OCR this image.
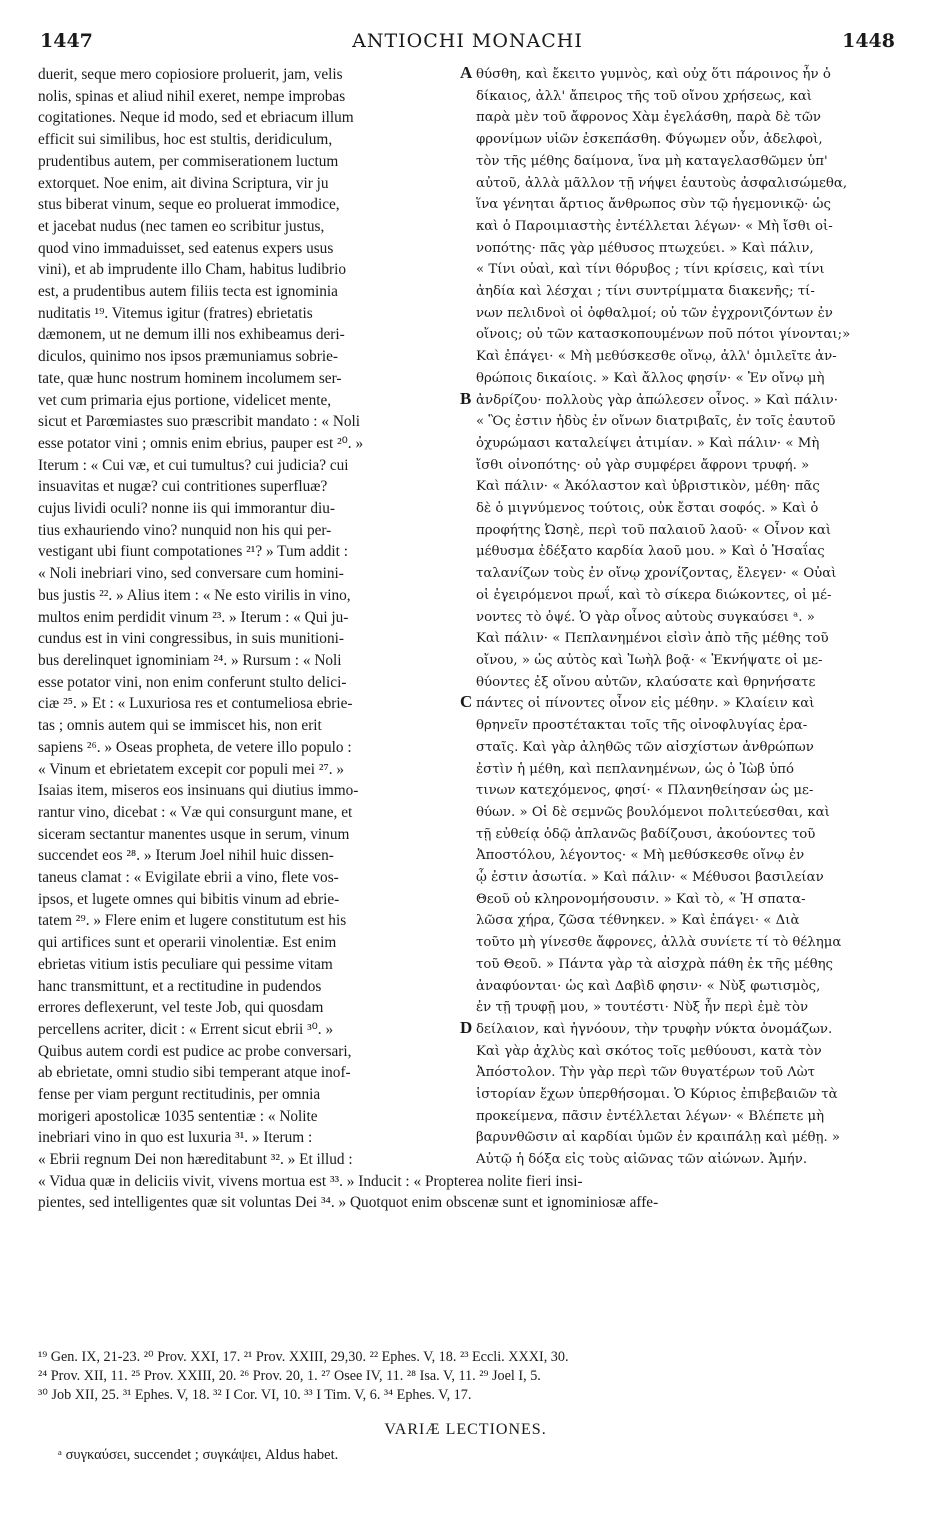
1447	ANTIOCHI MONACHI	1448
duerit, seque mero copiosiore proluerit, jam, velis
nolis, spinas et aliud nihil exeret, nempe improbas
cogitationes. Neque id modo, sed et ebriacum illum
efficit sui similibus, hoc est stultis, deridiculum,
prudentibus autem, per commiserationem luctum
extorquet. Noe enim, ait divina Scriptura, vir ju
stus biberat vinum, seque eo proluerat immodice,
et jacebat nudus (nec tamen eo scribitur justus,
quod vino immaduisset, sed eatenus expers usus
vini), et ab imprudente illo Cham, habitus ludibrio
est, a prudentibus autem filiis tecta est ignominia
nuditatis ¹⁹. Vitemus igitur (fratres) ebrietatis
dæmonem, ut ne demum illi nos exhibeamus deri-
diculos, quinimo nos ipsos præmuniamus sobrie-
tate, quæ hunc nostrum hominem incolumem ser-
vet cum primaria ejus portione, videlicet mente,
sicut et Parœmiastes suo præscribit mandato : « Noli
esse potator vini ; omnis enim ebrius, pauper est ²⁰. »
Iterum : « Cui væ, et cui tumultus? cui judicia? cui
insuavitas et nugæ? cui contritiones superfluæ?
cujus lividi oculi? nonne iis qui immorantur diu-
tius exhauriendo vino? nunquid non his qui per-
vestigant ubi fiunt compotationes ²¹? » Tum addit :
« Noli inebriari vino, sed conversare cum homini-
bus justis ²². » Alius item : « Ne esto virilis in vino,
multos enim perdidit vinum ²³. » Iterum : « Qui ju-
cundus est in vini congressibus, in suis munitioni-
bus derelinquet ignominiam ²⁴. » Rursum : « Noli
esse potator vini, non enim conferunt stulto delici-
ciæ ²⁵. » Et : « Luxuriosa res et contumeliosa ebrie-
tas ; omnis autem qui se immiscet his, non erit
sapiens ²⁶. » Oseas propheta, de vetere illo populo :
« Vinum et ebrietatem excepit cor populi mei ²⁷. »
Isaias item, miseros eos insinuans qui diutius immo-
rantur vino, dicebat : « Væ qui consurgunt mane, et
siceram sectantur manentes usque in serum, vinum
succendet eos ²⁸. » Iterum Joel nihil huic dissen-
taneus clamat : « Evigilate ebrii a vino, flete vos-
ipsos, et lugete omnes qui bibitis vinum ad ebrie-
tatem ²⁹. » Flere enim et lugere constitutum est his
qui artifices sunt et operarii vinolentiæ. Est enim
ebrietas vitium istis peculiare qui pessime vitam
hanc transmittunt, et a rectitudine in pudendos
errores deflexerunt, vel teste Job, qui quosdam
percellens acriter, dicit : « Errent sicut ebrii ³⁰. »
Quibus autem cordi est pudice ac probe conversari,
ab ebrietate, omni studio sibi temperant atque inof-
fense per viam pergunt rectitudinis, per omnia
morigeri apostolicæ 1035 sententiæ : « Nolite
inebriari vino in quo est luxuria ³¹. » Iterum :
« Ebrii regnum Dei non hæreditabunt ³². » Et illud :
θύσθη, καὶ ἔκειτο γυμνὸς, καὶ οὐχ ὅτι πάροινος ἦν ὁ
δίκαιος, ἀλλ' ἄπειρος τῆς τοῦ οἴνου χρήσεως, καὶ
παρὰ μὲν τοῦ ἄφρονος Χὰμ ἐγελάσθη, παρὰ δὲ τῶν
φρονίμων υἱῶν ἐσκεπάσθη. Φύγωμεν οὖν, ἀδελφοὶ,
τὸν τῆς μέθης δαίμονα, ἵνα μὴ καταγελασθῶμεν ὑπ'
αὐτοῦ, ἀλλὰ μᾶλλον τῇ νήψει ἑαυτοὺς ἀσφαλισώμεθα,
ἵνα γένηται ἄρτιος ἄνθρωπος σὺν τῷ ἡγεμονικῷ· ὡς
καὶ ὁ Παροιμιαστὴς ἐντέλλεται λέγων· « Μὴ ἴσθι οἰ-
νοπότης· πᾶς γὰρ μέθυσος πτωχεύει. » Καὶ πάλιν,
« Τίνι οὐαὶ, καὶ τίνι θόρυβος ; τίνι κρίσεις, καὶ τίνι
ἀηδία καὶ λέσχαι ; τίνι συντρίμματα διακενῆς; τί-
νων πελιδνοὶ οἱ ὀφθαλμοί; οὐ τῶν ἐγχρονιζόντων ἐν
οἴνοις; οὐ τῶν κατασκοπουμένων ποῦ πότοι γίνονται;»
Καὶ ἐπάγει· « Μὴ μεθύσκεσθε οἴνῳ, ἀλλ' ὁμιλεῖτε ἀν-
θρώποις δικαίοις. » Καὶ ἄλλος φησίν· « Ἐν οἴνῳ μὴ
ἀνδρίζου· πολλοὺς γὰρ ἀπώλεσεν οἶνος. » Καὶ πάλιν·
« Ὃς ἐστιν ἡδὺς ἐν οἴνων διατριβαῖς, ἐν τοῖς ἑαυτοῦ
ὀχυρώμασι καταλείψει ἀτιμίαν. » Καὶ πάλιν· « Μὴ
ἴσθι οἰνοπότης· οὐ γὰρ συμφέρει ἄφρονι τρυφή. »
Καὶ πάλιν· « Ἀκόλαστον καὶ ὑβριστικὸν, μέθη· πᾶς
δὲ ὁ μιγνύμενος τούτοις, οὐκ ἔσται σοφός. » Καὶ ὁ
προφήτης Ὠσηὲ, περὶ τοῦ παλαιοῦ λαοῦ· « Οἶνον καὶ
μέθυσμα ἐδέξατο καρδία λαοῦ μου. » Καὶ ὁ Ἡσαΐας
ταλανίζων τοὺς ἐν οἴνῳ χρονίζοντας, ἔλεγεν· « Οὐαὶ
οἱ ἐγειρόμενοι πρωΐ, καὶ τὸ σίκερα διώκοντες, οἱ μέ-
νοντες τὸ ὀψέ. Ὁ γὰρ οἶνος αὐτοὺς συγκαύσει ᵃ. »
Καὶ πάλιν· « Πεπλανημένοι εἰσὶν ἀπὸ τῆς μέθης τοῦ
οἴνου, » ὡς αὐτὸς καὶ Ἰωὴλ βοᾷ· « Ἐκνήψατε οἱ με-
θύοντες ἐξ οἴνου αὐτῶν, κλαύσατε καὶ θρηνήσατε
πάντες οἱ πίνοντες οἶνον εἰς μέθην. » Κλαίειν καὶ
θρηνεῖν προστέτακται τοῖς τῆς οἰνοφλυγίας ἐρα-
σταῖς. Καὶ γὰρ ἀληθῶς τῶν αἰσχίστων ἀνθρώπων
ἐστὶν ἡ μέθη, καὶ πεπλανημένων, ὡς ὁ Ἰὼβ ὑπό
τινων κατεχόμενος, φησί· « Πλανηθείησαν ὡς με-
θύων. » Οἱ δὲ σεμνῶς βουλόμενοι πολιτεύεσθαι, καὶ
τῇ εὐθείᾳ ὁδῷ ἀπλανῶς βαδίζουσι, ἀκούοντες τοῦ
Ἀποστόλου, λέγοντος· « Μὴ μεθύσκεσθε οἴνῳ ἐν
ᾧ ἐστιν ἀσωτία. » Καὶ πάλιν· « Μέθυσοι βασιλείαν
Θεοῦ οὐ κληρονομήσουσιν. » Καὶ τὸ, « Ἡ σπατα-
λῶσα χήρα, ζῶσα τέθνηκεν. » Καὶ ἐπάγει· « Διὰ
τοῦτο μὴ γίνεσθε ἄφρονες, ἀλλὰ συνίετε τί τὸ θέλημα
τοῦ Θεοῦ. » Πάντα γὰρ τὰ αἰσχρὰ πάθη ἐκ τῆς μέθης
ἀναφύονται· ὡς καὶ Δαβὶδ φησιν· « Νὺξ φωτισμὸς,
ἐν τῇ τρυφῇ μου, » τουτέστι· Νὺξ ἦν περὶ ἐμὲ τὸν
δείλαιον, καὶ ἠγνόουν, τὴν τρυφὴν νύκτα ὀνομάζων.
Καὶ γὰρ ἀχλὺς καὶ σκότος τοῖς μεθύουσι, κατὰ τὸν
Ἀπόστολον. Τὴν γὰρ περὶ τῶν θυγατέρων τοῦ Λὼτ
ἱστορίαν ἔχων ὑπερθήσομαι. Ὁ Κύριος ἐπιβεβαιῶν τὰ
προκείμενα, πᾶσιν ἐντέλλεται λέγων· « Βλέπετε μὴ
βαρυνθῶσιν αἱ καρδίαι ὑμῶν ἐν κραιπάλῃ καὶ μέθῃ. »
Αὐτῷ ἡ δόξα εἰς τοὺς αἰῶνας τῶν αἰώνων. Ἀμήν.
A
B
C
D
« Vidua quæ in deliciis vivit, vivens mortua est ³³. » Inducit : « Propterea nolite fieri insi-
pientes, sed intelligentes quæ sit voluntas Dei ³⁴. » Quotquot enim obscenæ sunt et ignominiosæ affe-
¹⁹ Gen. IX, 21-23. ²⁰ Prov. XXI, 17. ²¹ Prov. XXIII, 29,30. ²² Ephes. V, 18. ²³ Eccli. XXXI, 30.
²⁴ Prov. XII, 11. ²⁵ Prov. XXIII, 20. ²⁶ Prov. 20, 1. ²⁷ Osee IV, 11. ²⁸ Isa. V, 11. ²⁹ Joel I, 5.
³⁰ Job XII, 25. ³¹ Ephes. V, 18. ³² I Cor. VI, 10. ³³ I Tim. V, 6. ³⁴ Ephes. V, 17.
VARIÆ LECTIONES.
ᵃ συγκαύσει, succendet ; συγκάψει, Aldus habet.
